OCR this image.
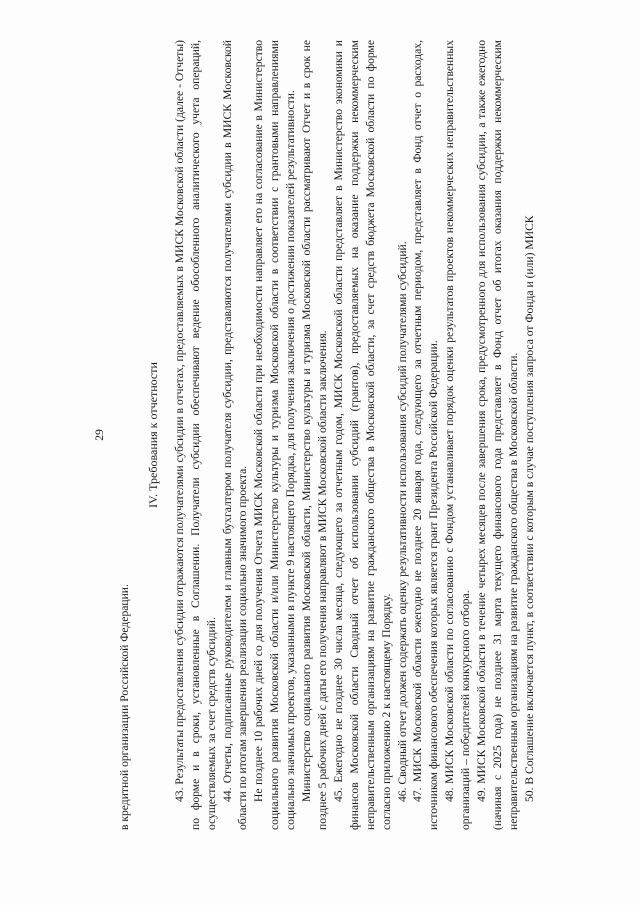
29

в кредитной организации Российской Федерации.

IV. Требования к отчетности 43. Результаты предоставления субсидии отражаются получателями субсидии в отчетах, предоставляемых в МИСК Московской области (далее - Отчеты) по форме и в сроки, установленные в Соглашении. Получатели субсидии обеспечивают ведение обособленного аналитического учета операций, осуществляемых за счет средств субсидий. 44. Отчеты, подписанные руководителем и главным бухгалтером получателя субсидии, представляются получателями субсидии в МИСК Московской области по итогам завершения реализации социально значимого проекта. Не позднее 10 рабочих дней со дня получения Отчета МИСК Московской области при необходимости направляет его на согласование в Министерство социального развития Московской области и/или Министерство культуры и туризма Московской области в соответствии с грантовыми направлениями социально значимых проектов, указанными в пункте 9 настоящего Порядка, для получения заключения о достижении показателей результативности. Министерство социального развития Московской области, Министерство культуры и туризма Московской области рассматривают Отчет и в срок не позднее 5 рабочих дней с даты его получения направляют в МИСК Московской области заключения. 45. Ежегодно не позднее 30 числа месяца, следующего за отчетным годом, МИСК Московской области представляет в Министерство экономики и финансов Московской области Сводный отчет об использовании субсидий (грантов), предоставляемых на оказание поддержки некоммерческим неправительственным организациям на развитие гражданского общества в Московской области, за счет средств бюджета Московской области по форме согласно приложению 2 к настоящему Порядку. 46. Сводный отчет должен содержать оценку результативности использования субсидий получателями субсидий. 47. МИСК Московской области ежегодно не позднее 20 января года, следующего за отчетным периодом, представляет в Фонд отчет о расходах, источником финансового обеспечения которых является грант Президента Российской Федерации. 48. МИСК Московской области по согласованию с Фондом устанавливает порядок оценки результатов проектов некоммерческих неправительственных организаций – победителей конкурсного отбора. 49. МИСК Московской области в течение четырех месяцев после завершения срока, предусмотренного для использования субсидии, а также ежегодно (начиная с 2025 года) не позднее 31 марта текущего финансового года представляет в Фонд отчет об итогах оказания поддержки некоммерческим неправительственным организациям на развитие гражданского общества в Московской области. 50. В Соглашение включается пункт, в соответствии с которым в случае поступления запроса от Фонда и (или) МИСК
